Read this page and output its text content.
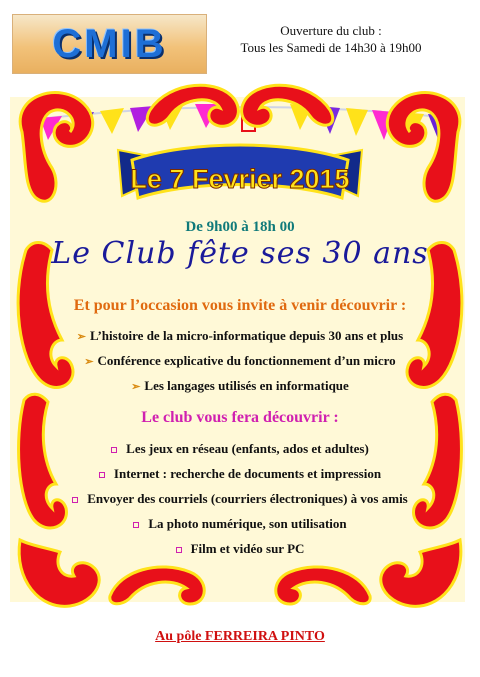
CMIB	Ouverture du club :
Tous les Samedi de 14h30 à 19h00
Le 7 Fevrier 2015
De 9h00 à 18h 00
Le Club fête ses 30 ans
Et pour l’occasion vous invite à venir découvrir :
➢ L’histoire de la micro-informatique depuis 30 ans et plus
➢ Conférence explicative du fonctionnement d’un micro
➢ Les langages utilisés en informatique
Le club vous fera découvrir :
Les jeux en réseau (enfants, ados et adultes)
Internet : recherche de documents et impression
Envoyer des courriels (courriers électroniques) à vos amis
La photo numérique, son utilisation
Film et vidéo sur PC
Au pôle FERREIRA PINTO
